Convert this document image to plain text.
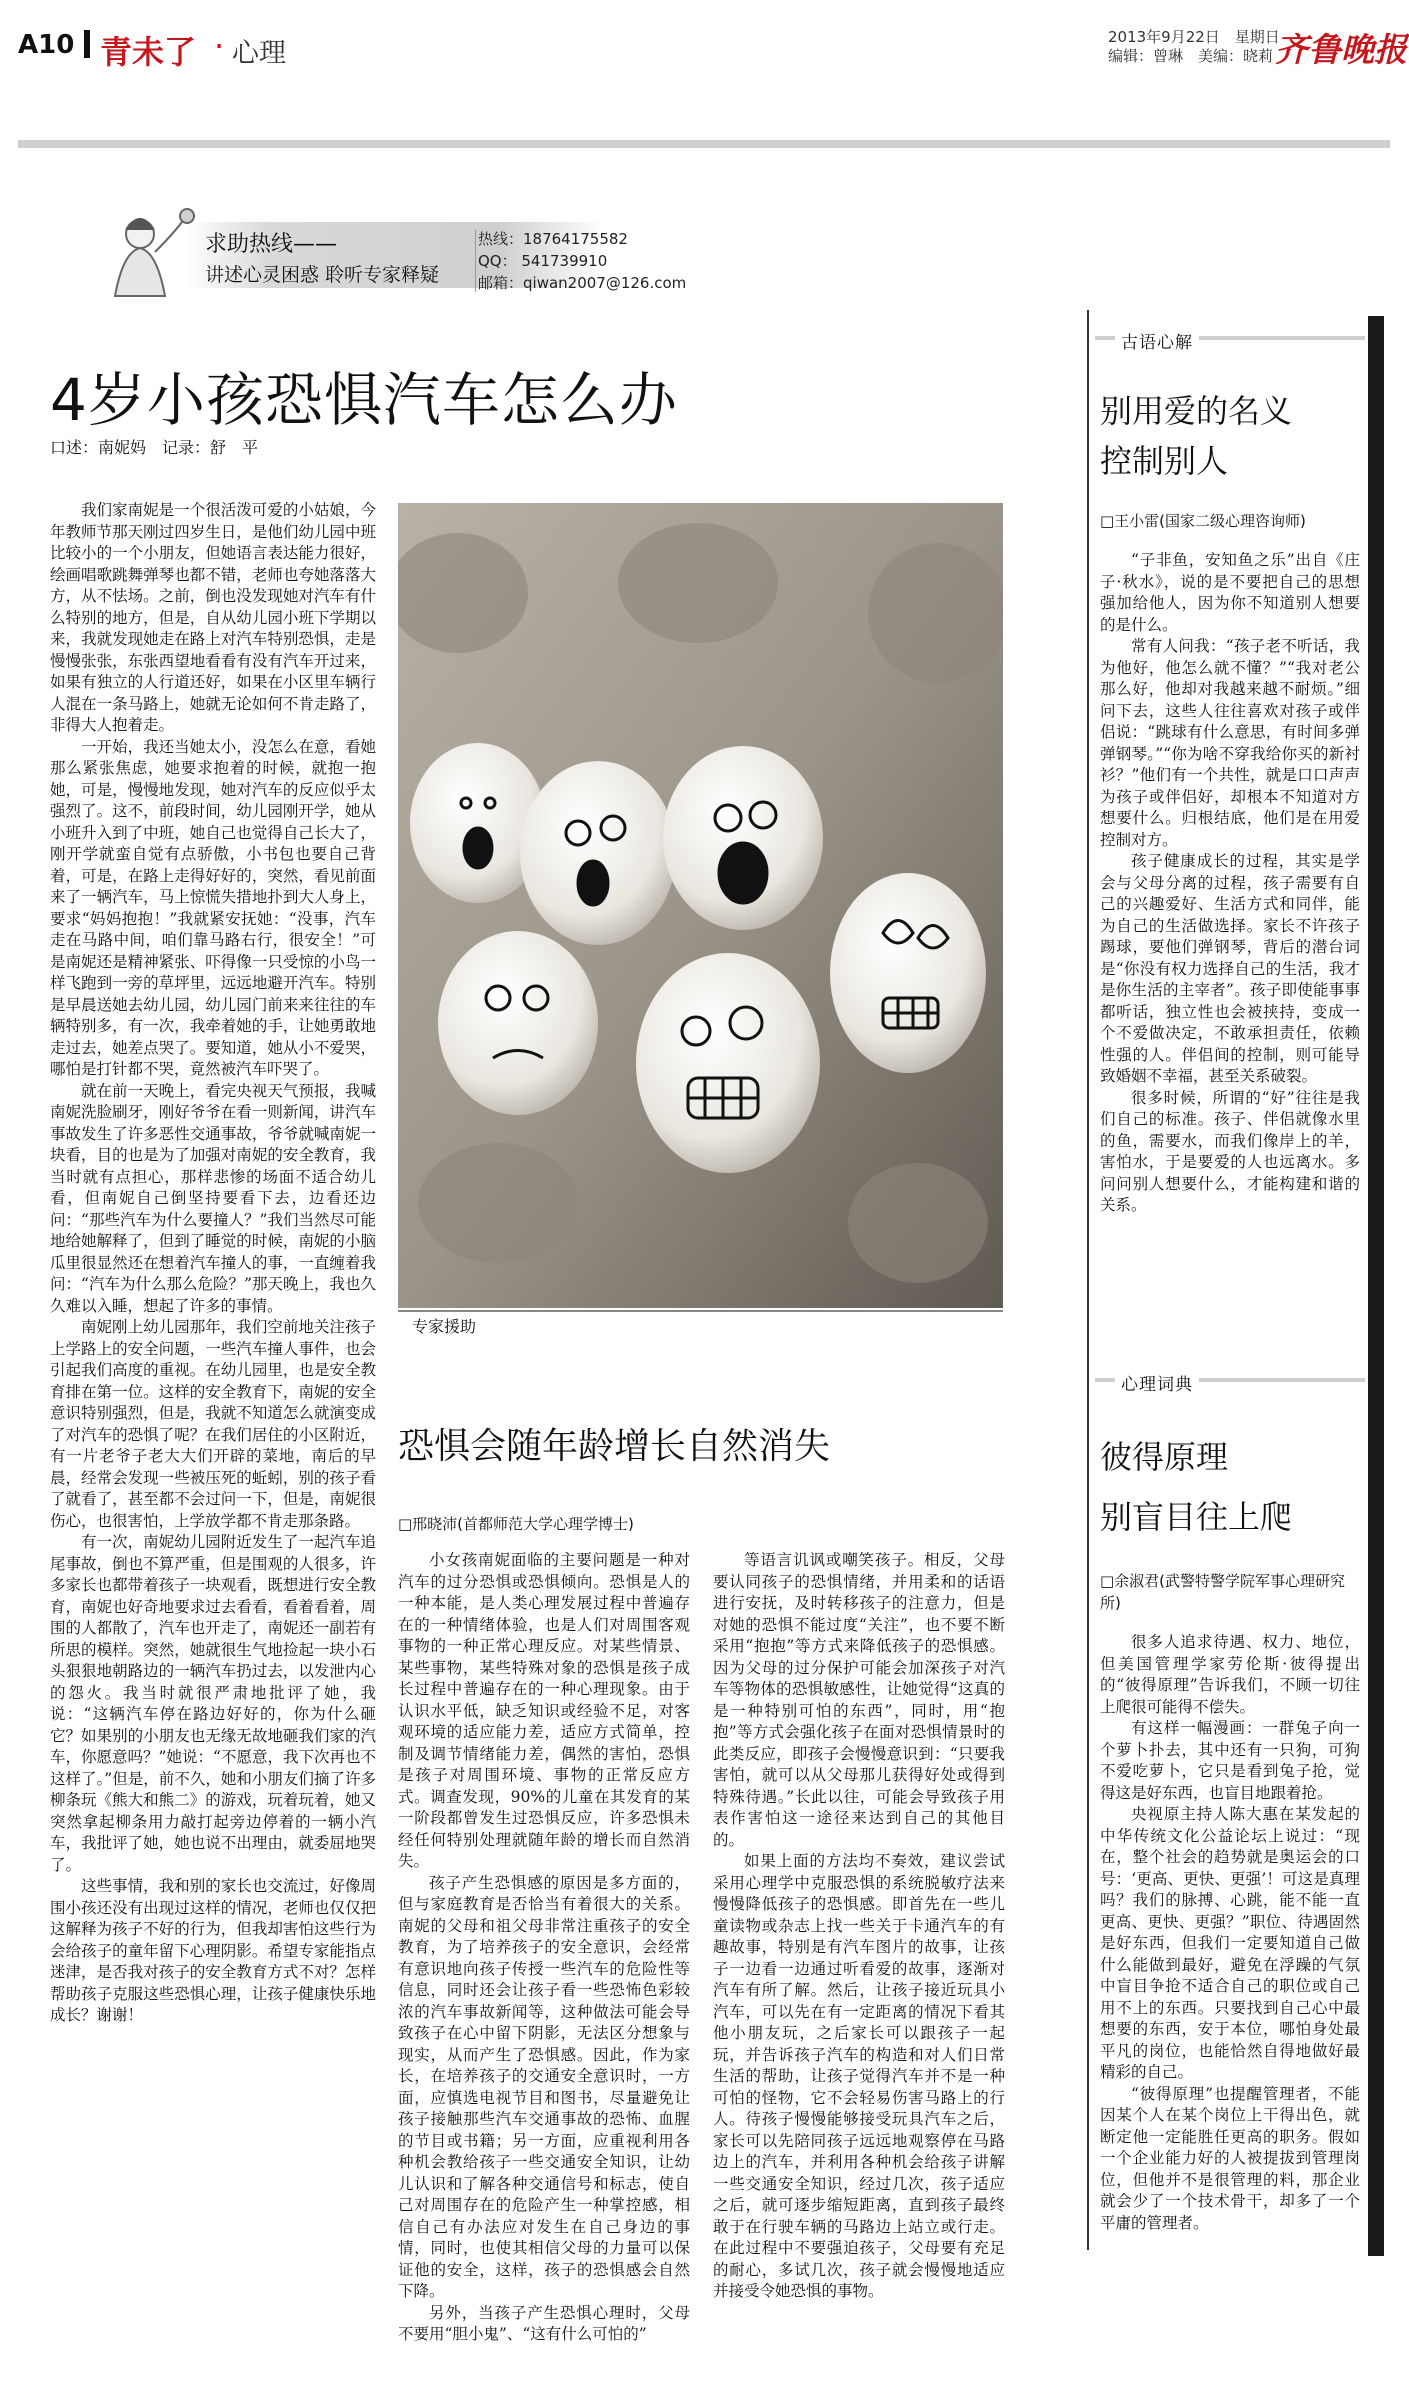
A10 青未了 · 心理
2013年9月22日　星期日
编辑：曾琳　美编：晓莉 齐鲁晚报
求助热线——
讲述心灵困惑 聆听专家释疑
热线：18764175582
QQ： 541739910
邮箱：qiwan2007@126.com
4岁小孩恐惧汽车怎么办
口述：南妮妈　记录：舒　平

我们家南妮是一个很活泼可爱的小姑娘，今年教师节那天刚过四岁生日，是他们幼儿园中班比较小的一个小朋友，但她语言表达能力很好，绘画唱歌跳舞弹琴也都不错，老师也夸她落落大方，从不怯场。之前，倒也没发现她对汽车有什么特别的地方，但是，自从幼儿园小班下学期以来，我就发现她走在路上对汽车特别恐惧，走是慢慢张张，东张西望地看看有没有汽车开过来，如果有独立的人行道还好，如果在小区里车辆行人混在一条马路上，她就无论如何不肯走路了，非得大人抱着走。

一开始，我还当她太小，没怎么在意，看她那么紧张焦虑，她要求抱着的时候，就抱一抱她，可是，慢慢地发现，她对汽车的反应似乎太强烈了。这不，前段时间，幼儿园刚开学，她从小班升入到了中班，她自己也觉得自己长大了，刚开学就蛮自觉有点骄傲，小书包也要自己背着，可是，在路上走得好好的，突然，看见前面来了一辆汽车，马上惊慌失措地扑到大人身上，要求“妈妈抱抱！”我就紧安抚她：“没事，汽车走在马路中间，咱们靠马路右行，很安全！”可是南妮还是精神紧张、吓得像一只受惊的小鸟一样飞跑到一旁的草坪里，远远地避开汽车。特别是早晨送她去幼儿园，幼儿园门前来来往往的车辆特别多，有一次，我牵着她的手，让她勇敢地走过去，她差点哭了。要知道，她从小不爱哭，哪怕是打针都不哭，竟然被汽车吓哭了。

就在前一天晚上，看完央视天气预报，我喊南妮洗脸刷牙，刚好爷爷在看一则新闻，讲汽车事故发生了许多恶性交通事故，爷爷就喊南妮一块看，目的也是为了加强对南妮的安全教育，我当时就有点担心，那样悲惨的场面不适合幼儿看，但南妮自己倒坚持要看下去，边看还边问：“那些汽车为什么要撞人？”我们当然尽可能地给她解释了，但到了睡觉的时候，南妮的小脑瓜里很显然还在想着汽车撞人的事，一直缠着我问：“汽车为什么那么危险？”那天晚上，我也久久难以入睡，想起了许多的事情。

南妮刚上幼儿园那年，我们空前地关注孩子上学路上的安全问题，一些汽车撞人事件，也会引起我们高度的重视。在幼儿园里，也是安全教育排在第一位。这样的安全教育下，南妮的安全意识特别强烈，但是，我就不知道怎么就演变成了对汽车的恐惧了呢？在我们居住的小区附近，有一片老爷子老大大们开辟的菜地，南后的早晨，经常会发现一些被压死的蚯蚓，别的孩子看了就看了，甚至都不会过问一下，但是，南妮很伤心，也很害怕，上学放学都不肯走那条路。

有一次，南妮幼儿园附近发生了一起汽车追尾事故，倒也不算严重，但是围观的人很多，许多家长也都带着孩子一块观看，既想进行安全教育，南妮也好奇地要求过去看看，看着看着，周围的人都散了，汽车也开走了，南妮还一副若有所思的模样。突然，她就很生气地捡起一块小石头狠狠地朝路边的一辆汽车扔过去，以发泄内心的怨火。我当时就很严肃地批评了她，我说：“这辆汽车停在路边好好的，你为什么砸它？如果别的小朋友也无缘无故地砸我们家的汽车，你愿意吗？”她说：“不愿意，我下次再也不这样了。”但是，前不久，她和小朋友们摘了许多柳条玩《熊大和熊二》的游戏，玩着玩着，她又突然拿起柳条用力敲打起旁边停着的一辆小汽车，我批评了她，她也说不出理由，就委屈地哭了。

这些事情，我和别的家长也交流过，好像周围小孩还没有出现过这样的情况，老师也仅仅把这解释为孩子不好的行为，但我却害怕这些行为会给孩子的童年留下心理阴影。希望专家能指点迷津，是否我对孩子的安全教育方式不对？怎样帮助孩子克服这些恐惧心理，让孩子健康快乐地成长？谢谢！

专家援助
恐惧会随年龄增长自然消失
□邢晓沛(首都师范大学心理学博士)

小女孩南妮面临的主要问题是一种对汽车的过分恐惧或恐惧倾向。恐惧是人的一种本能，是人类心理发展过程中普遍存在的一种情绪体验，也是人们对周围客观事物的一种正常心理反应。对某些情景、某些事物，某些特殊对象的恐惧是孩子成长过程中普遍存在的一种心理现象。由于认识水平低，缺乏知识或经验不足，对客观环境的适应能力差，适应方式简单，控制及调节情绪能力差，偶然的害怕，恐惧是孩子对周围环境、事物的正常反应方式。调查发现，90%的儿童在其发育的某一阶段都曾发生过恐惧反应，许多恐惧未经任何特别处理就随年龄的增长而自然消失。

孩子产生恐惧感的原因是多方面的，但与家庭教育是否恰当有着很大的关系。南妮的父母和祖父母非常注重孩子的安全教育，为了培养孩子的安全意识，会经常有意识地向孩子传授一些汽车的危险性等信息，同时还会让孩子看一些恐怖色彩较浓的汽车事故新闻等，这种做法可能会导致孩子在心中留下阴影，无法区分想象与现实，从而产生了恐惧感。因此，作为家长，在培养孩子的交通安全意识时，一方面，应慎选电视节目和图书，尽量避免让孩子接触那些汽车交通事故的恐怖、血腥的节目或书籍；另一方面，应重视利用各种机会教给孩子一些交通安全知识，让幼儿认识和了解各种交通信号和标志，使自己对周围存在的危险产生一种掌控感，相信自己有办法应对发生在自己身边的事情，同时，也使其相信父母的力量可以保证他的安全，这样，孩子的恐惧感会自然下降。

另外，当孩子产生恐惧心理时，父母不要用“胆小鬼”、“这有什么可怕的”

等语言讥讽或嘲笑孩子。相反，父母要认同孩子的恐惧情绪，并用柔和的话语进行安抚，及时转移孩子的注意力，但是对她的恐惧不能过度“关注”，也不要不断采用“抱抱”等方式来降低孩子的恐惧感。因为父母的过分保护可能会加深孩子对汽车等物体的恐惧敏感性，让她觉得“这真的是一种特别可怕的东西”，同时，用“抱抱”等方式会强化孩子在面对恐惧情景时的此类反应，即孩子会慢慢意识到：“只要我害怕，就可以从父母那儿获得好处或得到特殊待遇。”长此以往，可能会导致孩子用表作害怕这一途径来达到自己的其他目的。

如果上面的方法均不奏效，建议尝试采用心理学中克服恐惧的系统脱敏疗法来慢慢降低孩子的恐惧感。即首先在一些儿童读物或杂志上找一些关于卡通汽车的有趣故事，特别是有汽车图片的故事，让孩子一边看一边通过听看爱的故事，逐渐对汽车有所了解。然后，让孩子接近玩具小汽车，可以先在有一定距离的情况下看其他小朋友玩，之后家长可以跟孩子一起玩，并告诉孩子汽车的构造和对人们日常生活的帮助，让孩子觉得汽车并不是一种可怕的怪物，它不会轻易伤害马路上的行人。待孩子慢慢能够接受玩具汽车之后，家长可以先陪同孩子远远地观察停在马路边上的汽车，并利用各种机会给孩子讲解一些交通安全知识，经过几次，孩子适应之后，就可逐步缩短距离，直到孩子最终敢于在行驶车辆的马路边上站立或行走。在此过程中不要强迫孩子，父母要有充足的耐心，多试几次，孩子就会慢慢地适应并接受令她恐惧的事物。

古语心解
别用爱的名义
控制别人
□王小雷(国家二级心理咨询师)

“子非鱼，安知鱼之乐”出自《庄子·秋水》，说的是不要把自己的思想强加给他人，因为你不知道别人想要的是什么。

常有人问我：“孩子老不听话，我为他好，他怎么就不懂？”“我对老公那么好，他却对我越来越不耐烦。”细问下去，这些人往往喜欢对孩子或伴侣说：“跳球有什么意思，有时间多弹弹钢琴。”“你为啥不穿我给你买的新衬衫？”他们有一个共性，就是口口声声为孩子或伴侣好，却根本不知道对方想要什么。归根结底，他们是在用爱控制对方。

孩子健康成长的过程，其实是学会与父母分离的过程，孩子需要有自己的兴趣爱好、生活方式和同伴，能为自己的生活做选择。家长不许孩子踢球，要他们弹钢琴，背后的潜台词是“你没有权力选择自己的生活，我才是你生活的主宰者”。孩子即使能事事都听话，独立性也会被挟持，变成一个不爱做决定，不敢承担责任，依赖性强的人。伴侣间的控制，则可能导致婚姻不幸福，甚至关系破裂。

很多时候，所谓的“好”往往是我们自己的标准。孩子、伴侣就像水里的鱼，需要水，而我们像岸上的羊，害怕水，于是要爱的人也远离水。多问问别人想要什么，才能构建和谐的关系。

心理词典
彼得原理
别盲目往上爬
□余淑君(武警特警学院军事心理研究所)

很多人追求待遇、权力、地位，但美国管理学家劳伦斯·彼得提出的“彼得原理”告诉我们，不顾一切往上爬很可能得不偿失。

有这样一幅漫画：一群兔子向一个萝卜扑去，其中还有一只狗，可狗不爱吃萝卜，它只是看到兔子抢，觉得这是好东西，也盲目地跟着抢。

央视原主持人陈大惠在某发起的中华传统文化公益论坛上说过：“现在，整个社会的趋势就是奥运会的口号：‘更高、更快、更强’！可这是真理吗？我们的脉搏、心跳，能不能一直更高、更快、更强？”职位、待遇固然是好东西，但我们一定要知道自己做什么能做到最好，避免在浮躁的气氛中盲目争抢不适合自己的职位或自己用不上的东西。只要找到自己心中最想要的东西，安于本位，哪怕身处最平凡的岗位，也能恰然自得地做好最精彩的自己。

“彼得原理”也提醒管理者，不能因某个人在某个岗位上干得出色，就断定他一定能胜任更高的职务。假如一个企业能力好的人被提拔到管理岗位，但他并不是很管理的料，那企业就会少了一个技术骨干，却多了一个平庸的管理者。
